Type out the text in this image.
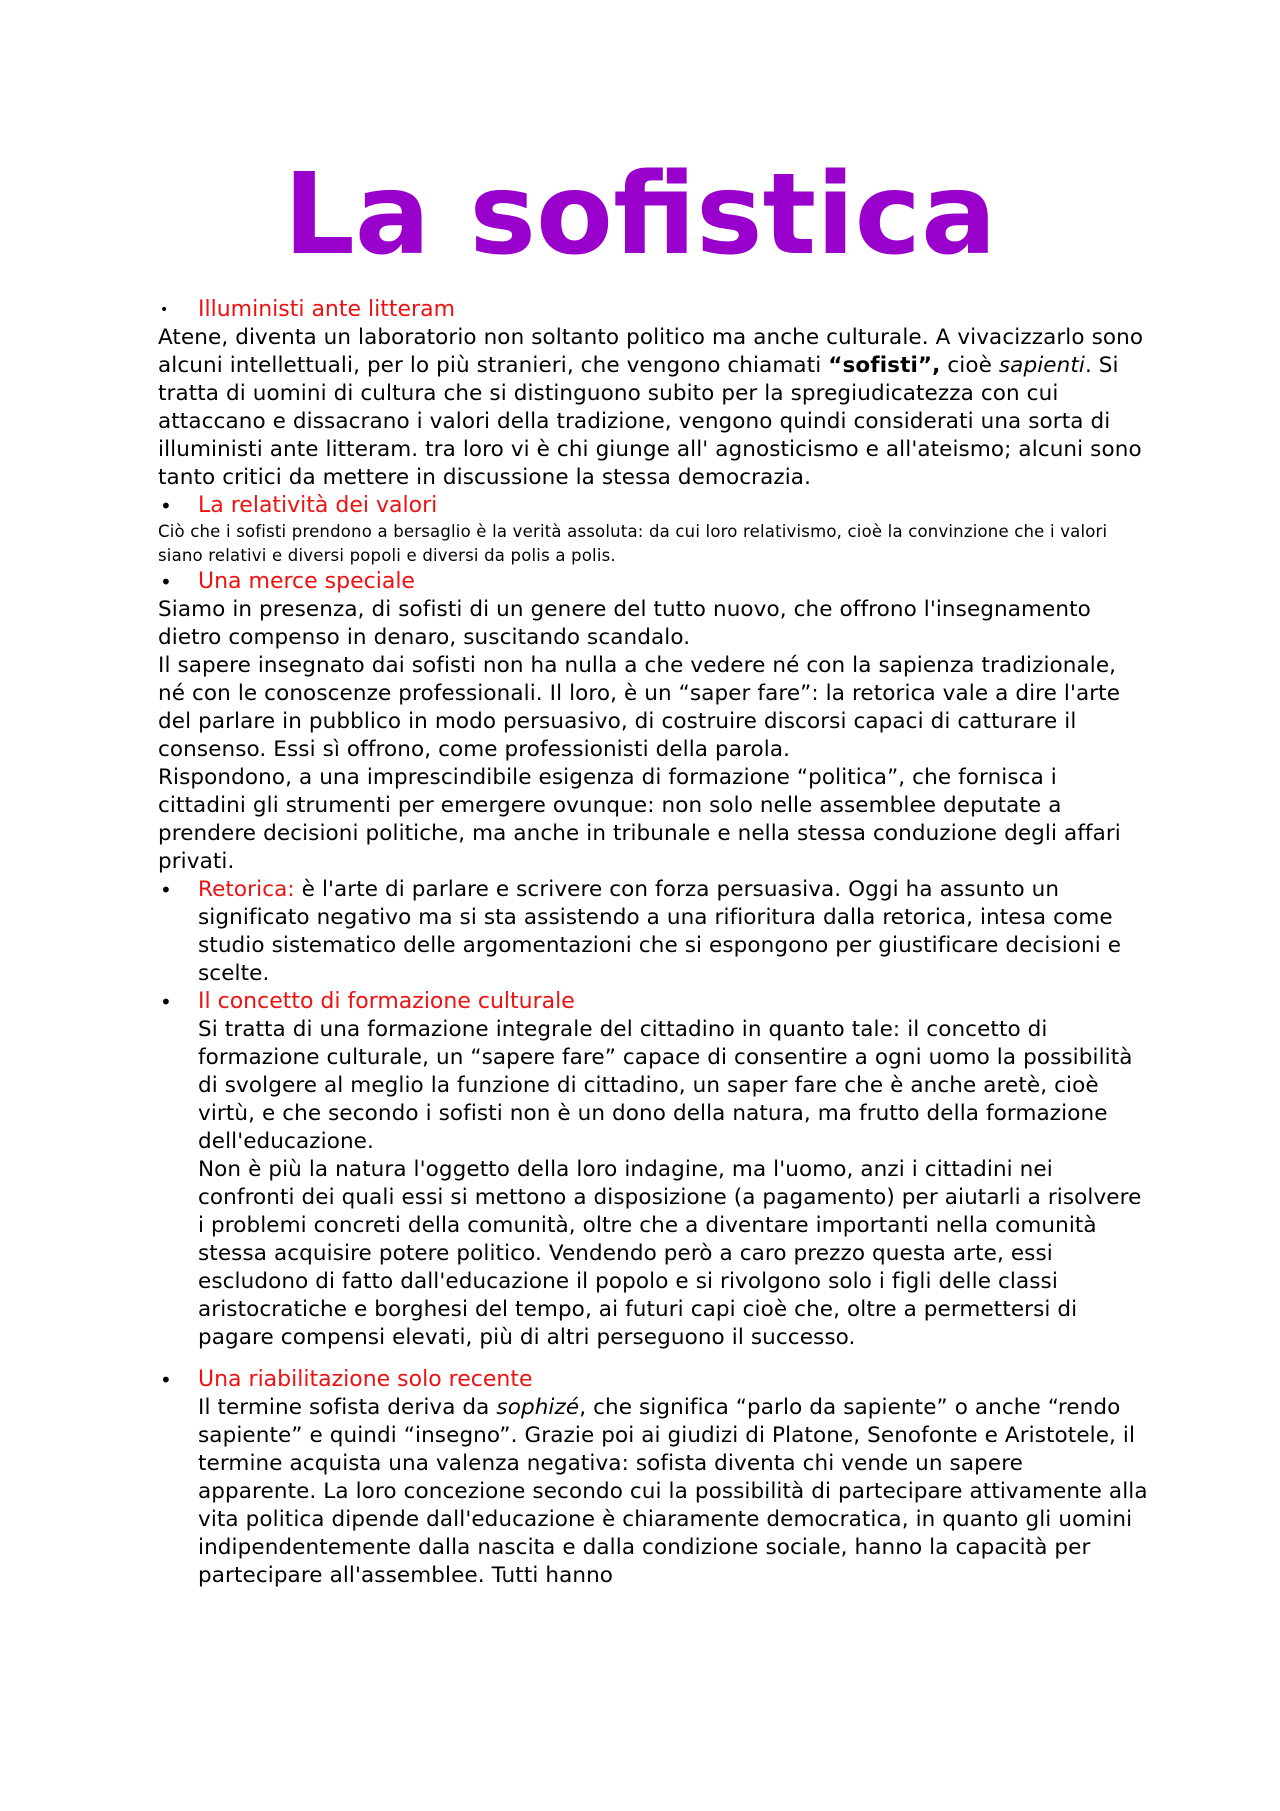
La sofistica
• Illuministi ante litteram

Atene, diventa un laboratorio non soltanto politico ma anche culturale. A vivacizzarlo sono alcuni intellettuali, per lo più stranieri, che vengono chiamati “sofisti”, cioè sapienti. Si tratta di uomini di cultura che si distinguono subito per la spregiudicatezza con cui attaccano e dissacrano i valori della tradizione, vengono quindi considerati una sorta di illuministi ante litteram. tra loro vi è chi giunge all' agnosticismo e all'ateismo; alcuni sono tanto critici da mettere in discussione la stessa democrazia.

• La relatività dei valori

Ciò che i sofisti prendono a bersaglio è la verità assoluta: da cui loro relativismo, cioè la convinzione che i valori siano relativi e diversi popoli e diversi da polis a polis.

• Una merce speciale

Siamo in presenza, di sofisti di un genere del tutto nuovo, che offrono l'insegnamento dietro compenso in denaro, suscitando scandalo.

Il sapere insegnato dai sofisti non ha nulla a che vedere né con la sapienza tradizionale, né con le conoscenze professionali. Il loro, è un “saper fare”: la retorica vale a dire l'arte del parlare in pubblico in modo persuasivo, di costruire discorsi capaci di catturare il consenso. Essi sì offrono, come professionisti della parola.

Rispondono, a una imprescindibile esigenza di formazione “politica”, che fornisca i cittadini gli strumenti per emergere ovunque: non solo nelle assemblee deputate a prendere decisioni politiche, ma anche in tribunale e nella stessa conduzione degli affari privati.

• Retorica: è l'arte di parlare e scrivere con forza persuasiva. Oggi ha assunto un significato negativo ma si sta assistendo a una rifioritura dalla retorica, intesa come studio sistematico delle argomentazioni che si espongono per giustificare decisioni e scelte.

• Il concetto di formazione culturale

Si tratta di una formazione integrale del cittadino in quanto tale: il concetto di formazione culturale, un “sapere fare” capace di consentire a ogni uomo la possibilità di svolgere al meglio la funzione di cittadino, un saper fare che è anche aretè, cioè virtù, e che secondo i sofisti non è un dono della natura, ma frutto della formazione dell'educazione.

Non è più la natura l'oggetto della loro indagine, ma l'uomo, anzi i cittadini nei confronti dei quali essi si mettono a disposizione (a pagamento) per aiutarli a risolvere i problemi concreti della comunità, oltre che a diventare importanti nella comunità stessa acquisire potere politico. Vendendo però a caro prezzo questa arte, essi escludono di fatto dall'educazione il popolo e si rivolgono solo i figli delle classi aristocratiche e borghesi del tempo, ai futuri capi cioè che, oltre a permettersi di pagare compensi elevati, più di altri perseguono il successo.

• Una riabilitazione solo recente

Il termine sofista deriva da sophizé, che significa “parlo da sapiente” o anche “rendo sapiente” e quindi “insegno”. Grazie poi ai giudizi di Platone, Senofonte e Aristotele, il termine acquista una valenza negativa: sofista diventa chi vende un sapere apparente. La loro concezione secondo cui la possibilità di partecipare attivamente alla vita politica dipende dall'educazione è chiaramente democratica, in quanto gli uomini indipendentemente dalla nascita e dalla condizione sociale, hanno la capacità per partecipare all'assemblee. Tutti hanno
